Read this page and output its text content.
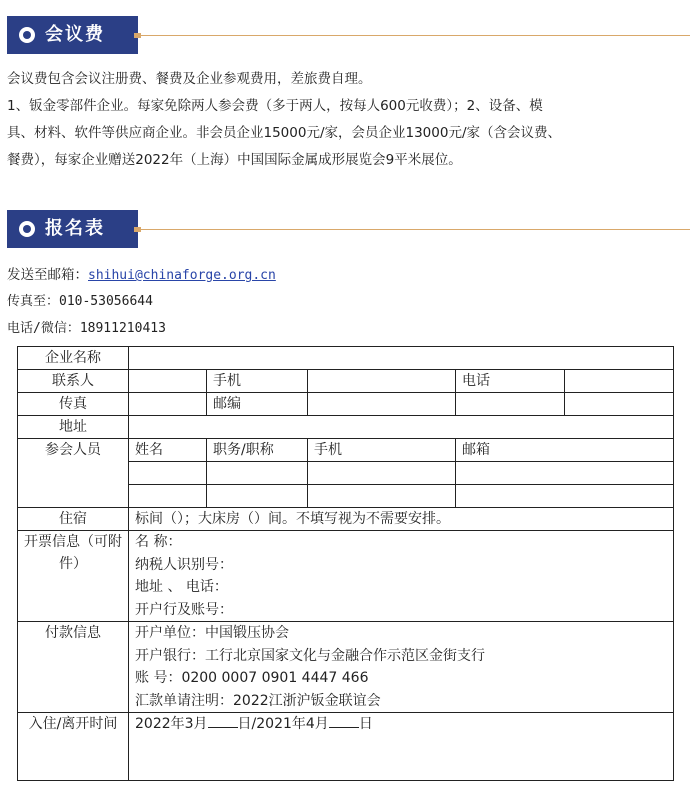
会议费

会议费包含会议注册费、餐费及企业参观费用，差旅费自理。

1、钣金零部件企业。每家免除两人参会费（多于两人，按每人600元收费）；2、设备、模

具、材料、软件等供应商企业。非会员企业15000元/家，会员企业13000元/家（含会议费、

餐费），每家企业赠送2022年（上海）中国国际金属成形展览会9平米展位。

报名表
发送至邮箱：shihui@chinaforge.org.cn
传真至：010-53056644
电话/微信：18911210413
企业名称					
联系人		手机		电话	
传真		邮编			
地址					
参会人员	姓名	职务/职称	手机	邮箱	

住宿	标间（）；大床房（）间。不填写视为不需要安排。				
开票信息（可附件）	名 称：
纳税人识别号：
地址 、 电话：
开户行及账号：				

付款信息	开户单位：中国锻压协会
开户银行：工行北京国家文化与金融合作示范区金街支行
账 号：0200 0007 0901 4447 466
汇款单请注明：2022江浙沪钣金联谊会				

入住/离开时间	2022年3月 日/2021年4月 日				
